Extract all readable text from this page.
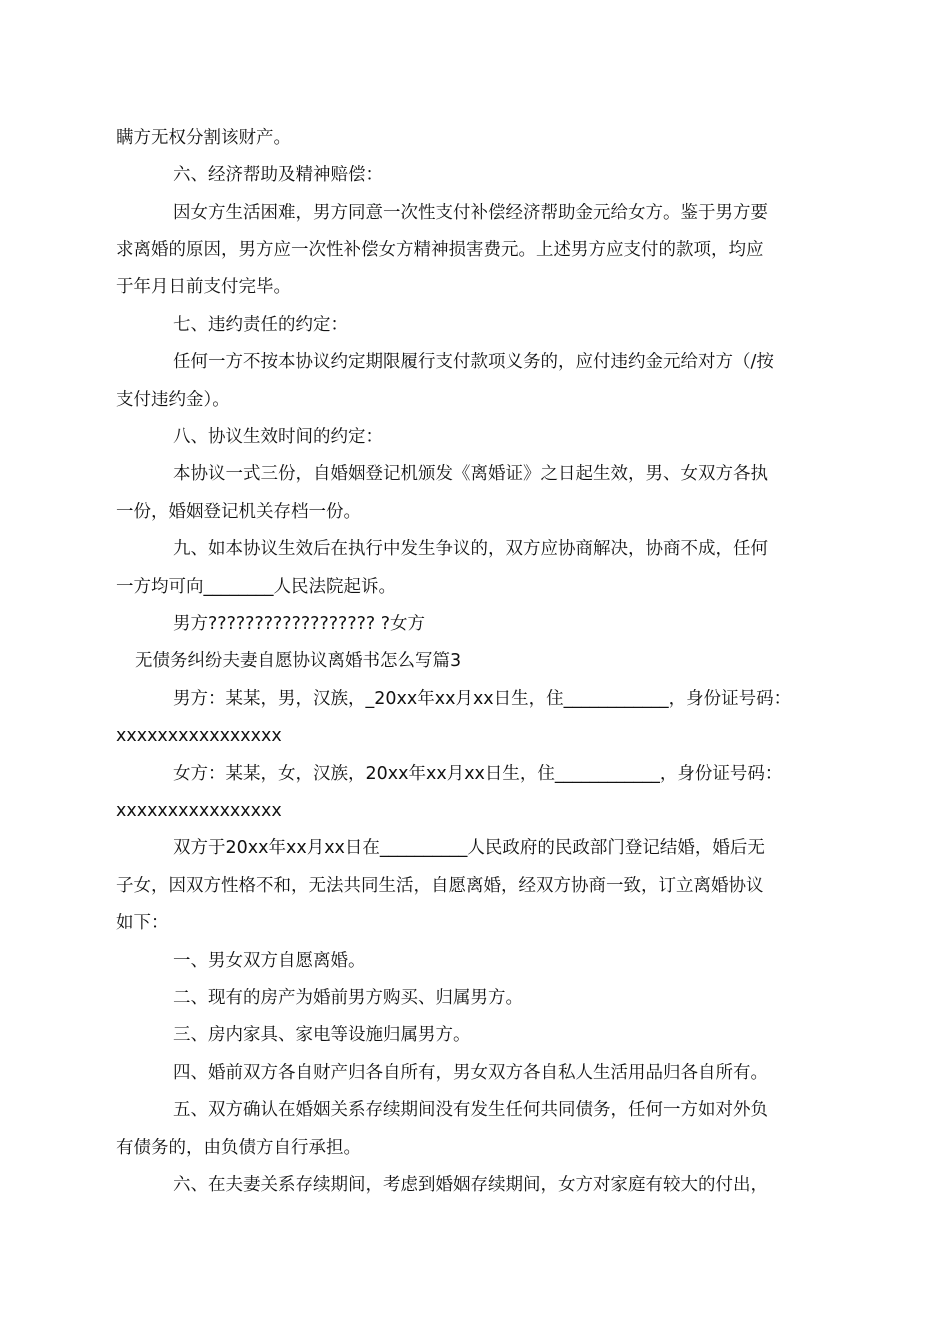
瞒方无权分割该财产。
六、经济帮助及精神赔偿：
因女方生活困难，男方同意一次性支付补偿经济帮助金元给女方。鉴于男方要
求离婚的原因，男方应一次性补偿女方精神损害费元。上述男方应支付的款项，均应
于年月日前支付完毕。
七、违约责任的约定：
任何一方不按本协议约定期限履行支付款项义务的，应付违约金元给对方（/按
支付违约金）。
八、协议生效时间的约定：
本协议一式三份，自婚姻登记机颁发《离婚证》之日起生效，男、女双方各执
一份，婚姻登记机关存档一份。
九、如本协议生效后在执行中发生争议的，双方应协商解决，协商不成，任何
一方均可向________人民法院起诉。
男方?????????????????? ?女方
无债务纠纷夫妻自愿协议离婚书怎么写篇3
男方：某某，男，汉族，_20xx年xx月xx日生，住____________，身份证号码：
xxxxxxxxxxxxxxxx
女方：某某，女，汉族，20xx年xx月xx日生，住____________，身份证号码：
xxxxxxxxxxxxxxxx
双方于20xx年xx月xx日在__________人民政府的民政部门登记结婚，婚后无
子女，因双方性格不和，无法共同生活，自愿离婚，经双方协商一致，订立离婚协议
如下：
一、男女双方自愿离婚。
二、现有的房产为婚前男方购买、归属男方。
三、房内家具、家电等设施归属男方。
四、婚前双方各自财产归各自所有，男女双方各自私人生活用品归各自所有。
五、双方确认在婚姻关系存续期间没有发生任何共同债务，任何一方如对外负
有债务的，由负债方自行承担。
六、在夫妻关系存续期间，考虑到婚姻存续期间，女方对家庭有较大的付出，
